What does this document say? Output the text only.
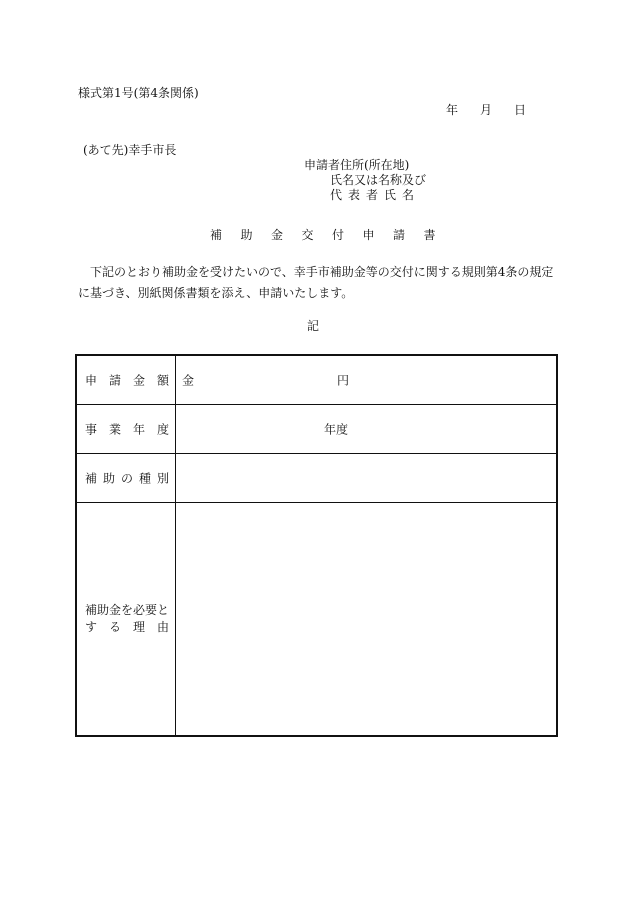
様式第1号(第4条関係)
年 月 日
(あて先)幸手市長
申請者住所(所在地)
氏名又は名称及び
代表者氏名
補助金交付申請書
下記のとおり補助金を受けたいので、幸手市補助金等の交付に関する規則第4条の規定に基づき、別紙関係書類を添え、申請いたします。
記
申請金額	金 円

事業年度	年度

補助の種別	

補助金を必要と
する理由	
